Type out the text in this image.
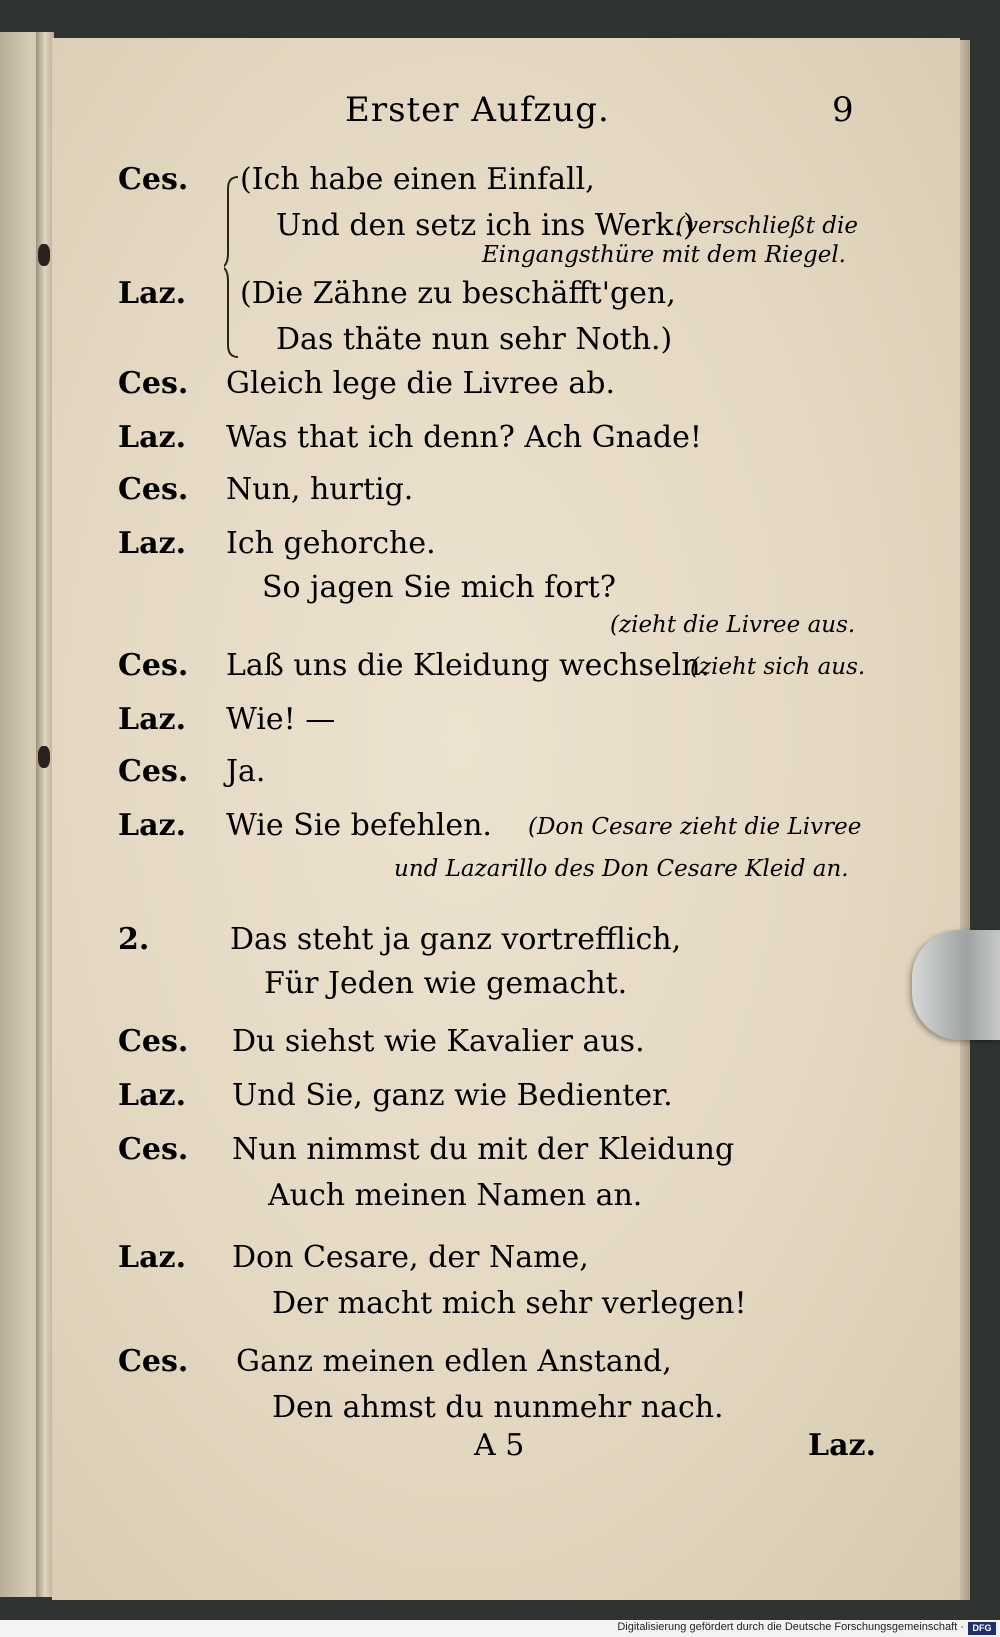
Erster Aufzug.	9
Ces.
Laz.
Ces.
Laz.
Ces.
Laz.
Ces.
Laz.
Ces.
Laz.
2.
Ces.
Laz.
Ces.
Laz.
Ces.
(Ich habe einen Einfall,
Und den setz ich ins Werk.)
(verschließt die
Eingangsthüre mit dem Riegel.
(Die Zähne zu beschäfft'gen,
Das thäte nun sehr Noth.)
Gleich lege die Livree ab.
Was that ich denn? Ach Gnade!
Nun, hurtig.
Ich gehorche.
So jagen Sie mich fort?
(zieht die Livree aus.
Laß uns die Kleidung wechseln.
(zieht sich aus.
Wie! —
Ja.
Wie Sie befehlen. (Don Cesare zieht die Livree
und Lazarillo des Don Cesare Kleid an.
Das steht ja ganz vortrefflich,
Für Jeden wie gemacht.
Du siehst wie Kavalier aus.
Und Sie, ganz wie Bedienter.
Nun nimmst du mit der Kleidung
Auch meinen Namen an.
Don Cesare, der Name,
Der macht mich sehr verlegen!
Ganz meinen edlen Anstand,
Den ahmst du nunmehr nach.
A 5	Laz.
Digitalisierung gefördert durch die Deutsche Forschungsgemeinschaft · DFG
